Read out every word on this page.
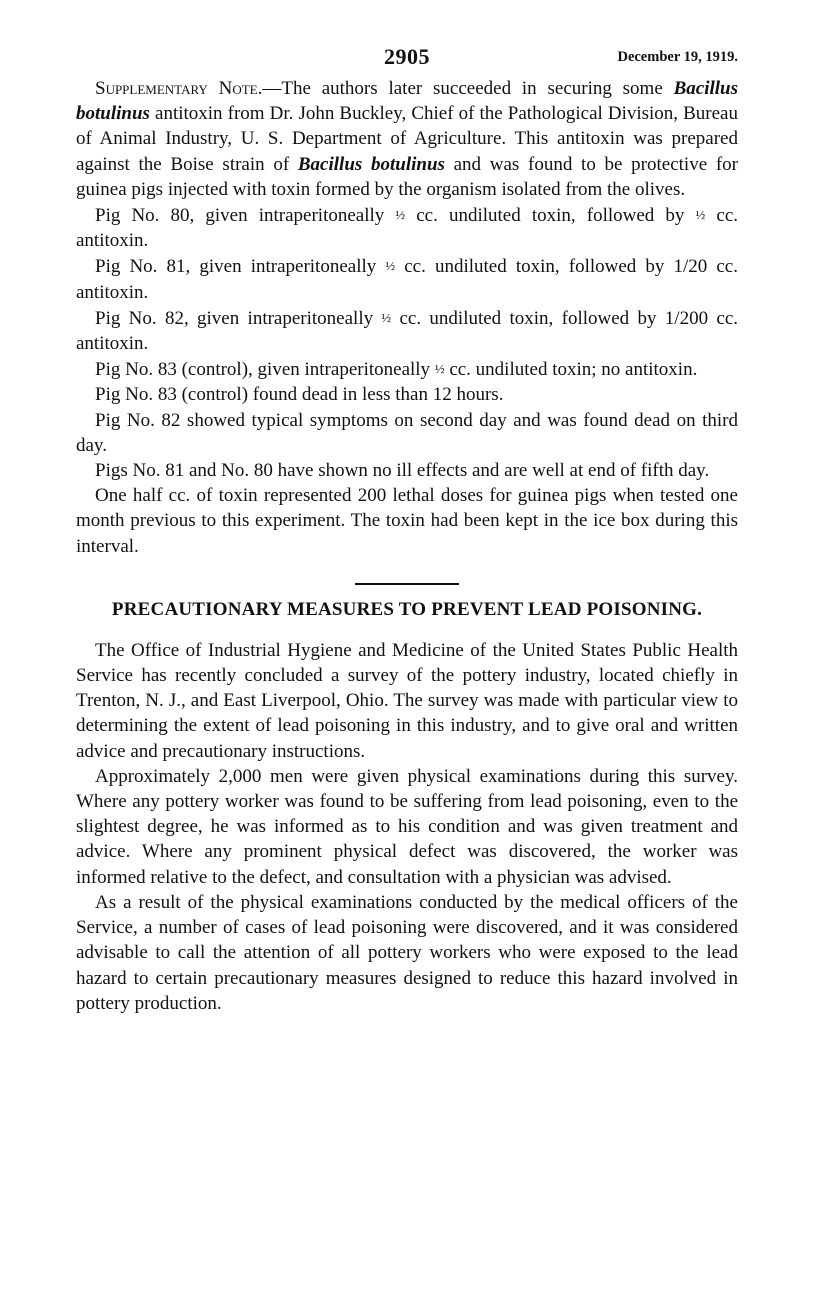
2905	December 19, 1919.

Supplementary Note.—The authors later succeeded in securing some Bacillus botulinus antitoxin from Dr. John Buckley, Chief of the Pathological Division, Bureau of Animal Industry, U. S. Department of Agriculture. This antitoxin was prepared against the Boise strain of Bacillus botulinus and was found to be protective for guinea pigs injected with toxin formed by the organism isolated from the olives.

Pig No. 80, given intraperitoneally ½ cc. undiluted toxin, followed by ½ cc. antitoxin.

Pig No. 81, given intraperitoneally ½ cc. undiluted toxin, followed by 1/20 cc. antitoxin.

Pig No. 82, given intraperitoneally ½ cc. undiluted toxin, followed by 1/200 cc. antitoxin.

Pig No. 83 (control), given intraperitoneally ½ cc. undiluted toxin; no antitoxin.

Pig No. 83 (control) found dead in less than 12 hours.

Pig No. 82 showed typical symptoms on second day and was found dead on third day.

Pigs No. 81 and No. 80 have shown no ill effects and are well at end of fifth day.

One half cc. of toxin represented 200 lethal doses for guinea pigs when tested one month previous to this experiment. The toxin had been kept in the ice box during this interval.

PRECAUTIONARY MEASURES TO PREVENT LEAD POISONING.

The Office of Industrial Hygiene and Medicine of the United States Public Health Service has recently concluded a survey of the pottery industry, located chiefly in Trenton, N. J., and East Liverpool, Ohio. The survey was made with particular view to determining the extent of lead poisoning in this industry, and to give oral and written advice and precautionary instructions.

Approximately 2,000 men were given physical examinations during this survey. Where any pottery worker was found to be suffering from lead poisoning, even to the slightest degree, he was informed as to his condition and was given treatment and advice. Where any prominent physical defect was discovered, the worker was informed relative to the defect, and consultation with a physician was advised.

As a result of the physical examinations conducted by the medical officers of the Service, a number of cases of lead poisoning were discovered, and it was considered advisable to call the attention of all pottery workers who were exposed to the lead hazard to certain precautionary measures designed to reduce this hazard involved in pottery production.
